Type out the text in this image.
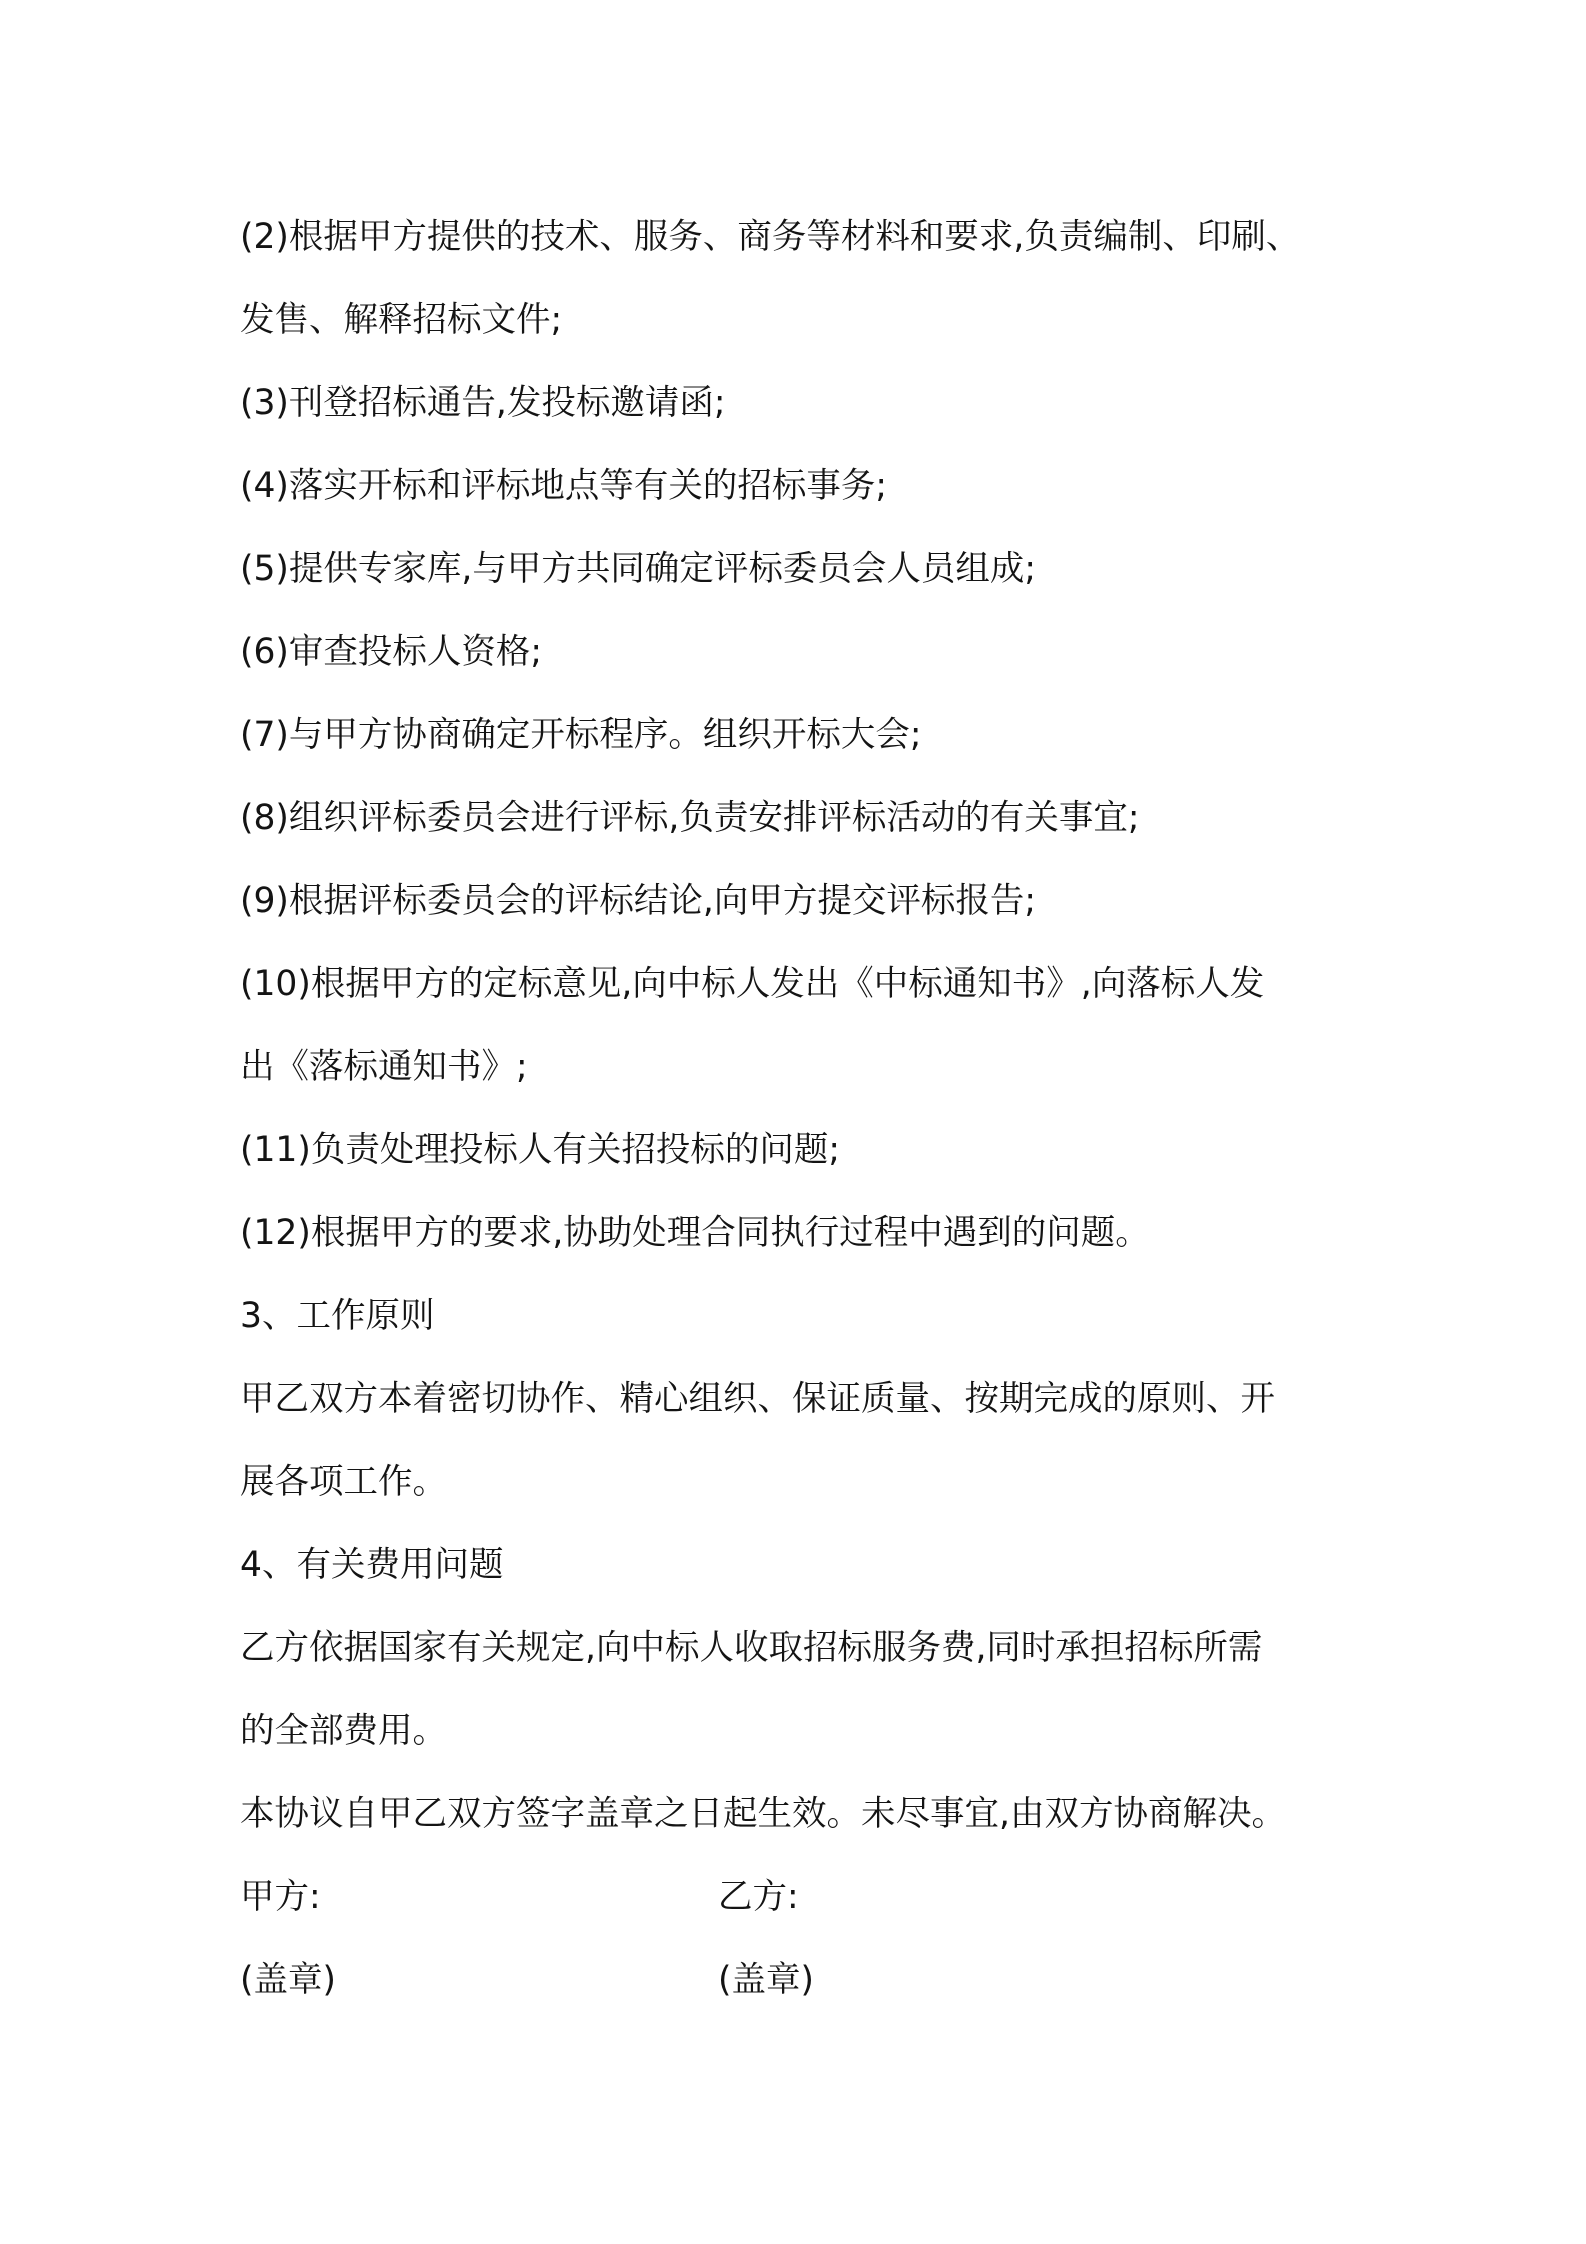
(2)根据甲方提供的技术、服务、商务等材料和要求,负责编制、印刷、
发售、解释招标文件;
(3)刊登招标通告,发投标邀请函;
(4)落实开标和评标地点等有关的招标事务;
(5)提供专家库,与甲方共同确定评标委员会人员组成;
(6)审查投标人资格;
(7)与甲方协商确定开标程序。组织开标大会;
(8)组织评标委员会进行评标,负责安排评标活动的有关事宜;
(9)根据评标委员会的评标结论,向甲方提交评标报告;
(10)根据甲方的定标意见,向中标人发出《中标通知书》,向落标人发
出《落标通知书》;
(11)负责处理投标人有关招投标的问题;
(12)根据甲方的要求,协助处理合同执行过程中遇到的问题。
3、工作原则
甲乙双方本着密切协作、精心组织、保证质量、按期完成的原则、开
展各项工作。
4、有关费用问题
乙方依据国家有关规定,向中标人收取招标服务费,同时承担招标所需
的全部费用。
本协议自甲乙双方签字盖章之日起生效。未尽事宜,由双方协商解决。
甲方:	乙方:
(盖章)	(盖章)
